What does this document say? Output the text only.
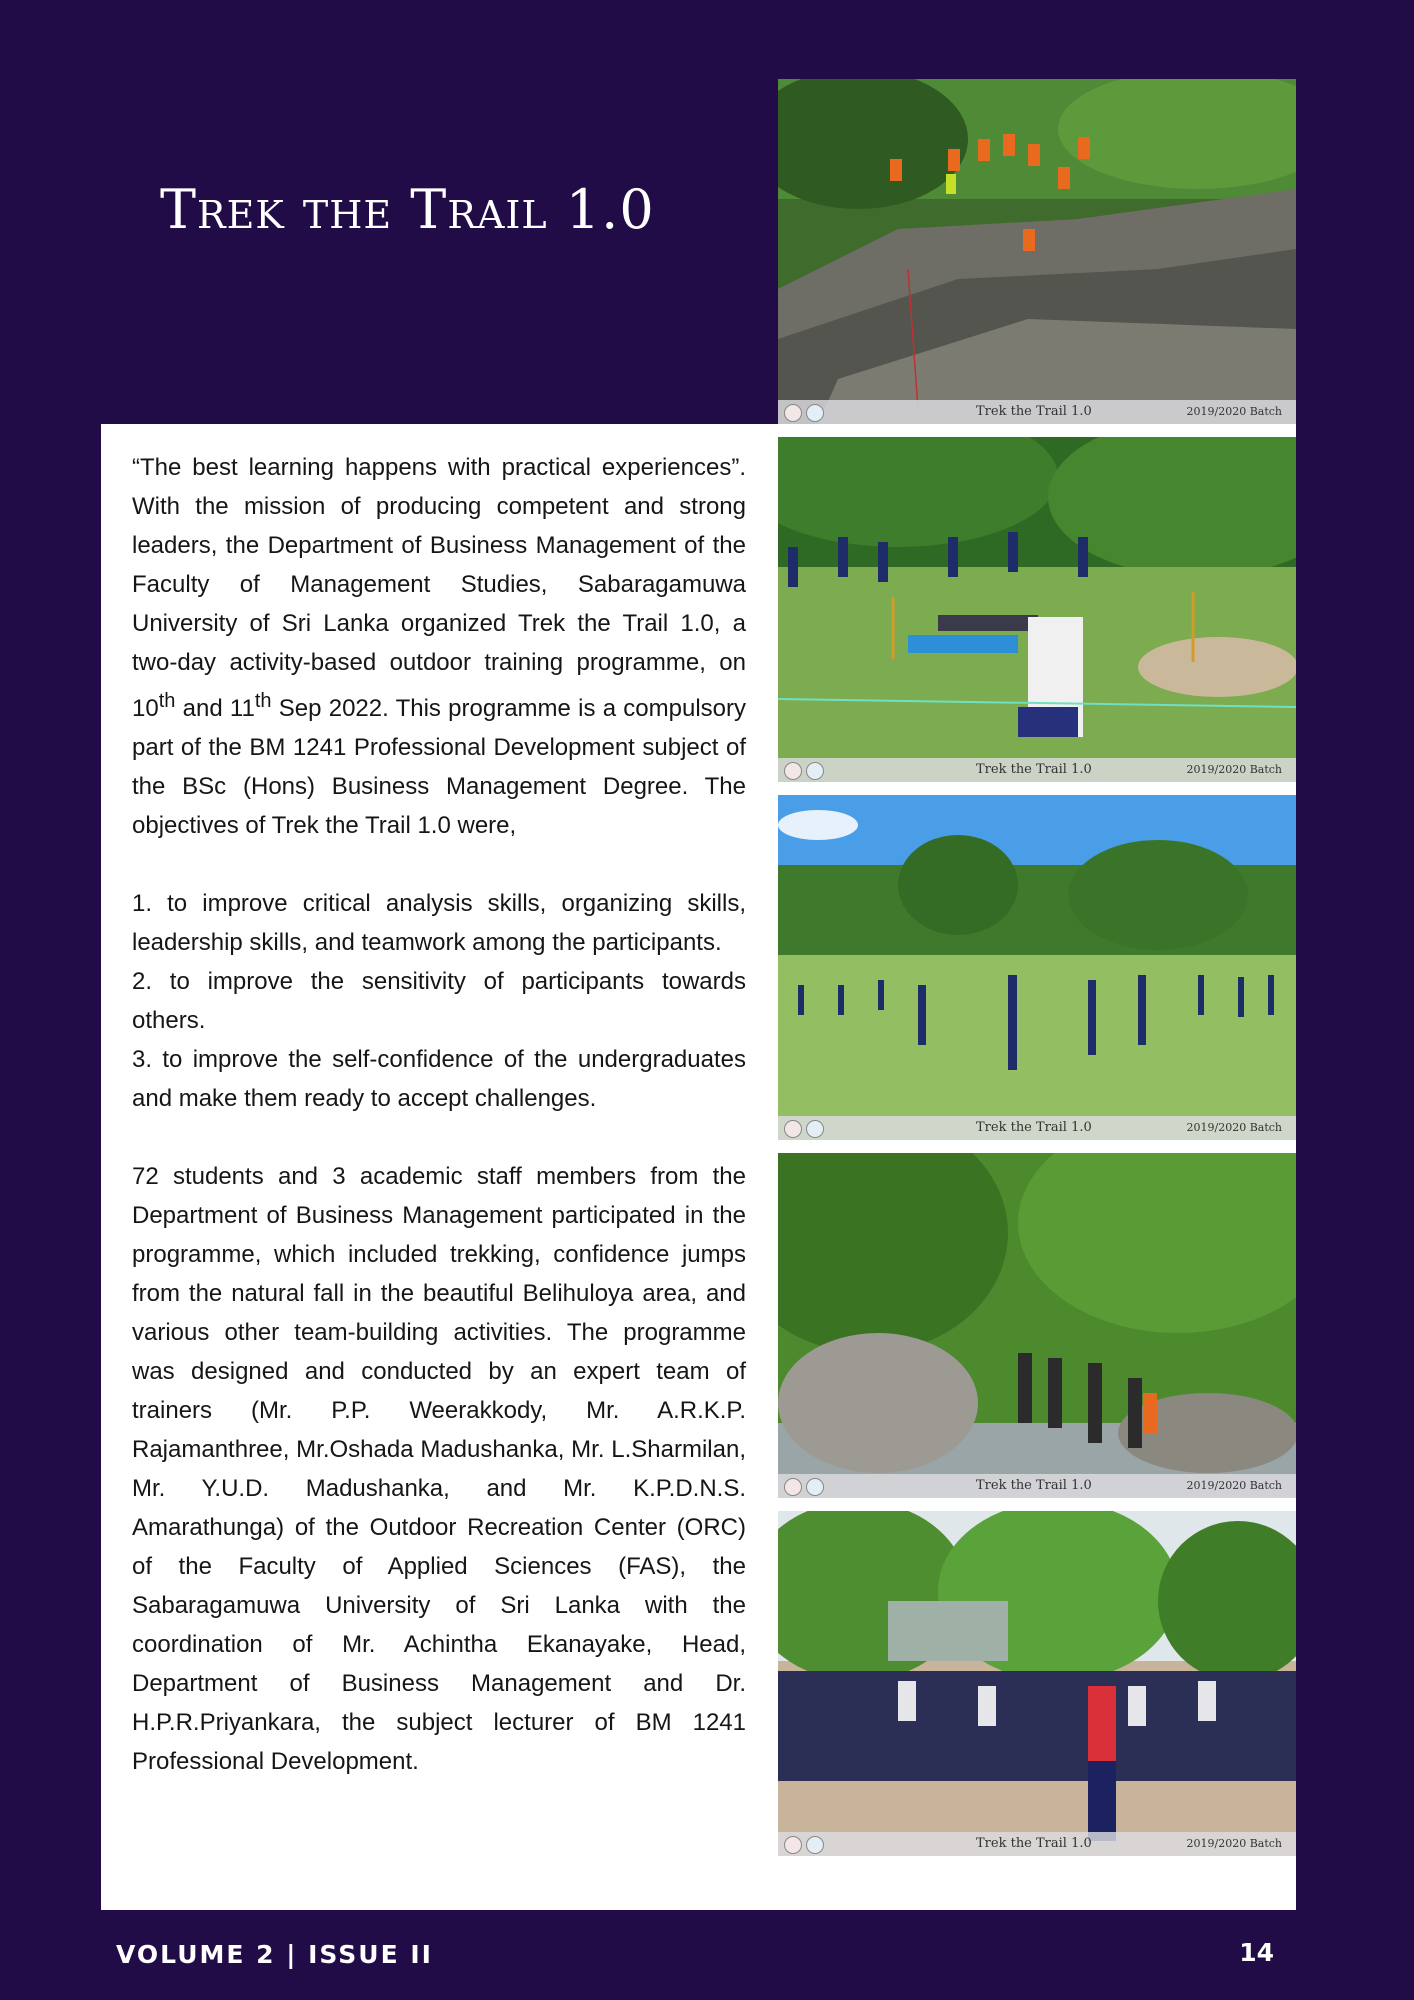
Trek the Trail 1.0

“The best learning happens with practical experiences”. With the mission of producing competent and strong leaders, the Department of Business Management of the Faculty of Management Studies, Sabaragamuwa University of Sri Lanka organized Trek the Trail 1.0, a two-day activity-based outdoor training programme, on 10th and 11th Sep 2022. This programme is a compulsory part of the BM 1241 Professional Development subject of the BSc (Hons) Business Management Degree. The objectives of Trek the Trail 1.0 were,

1. to improve critical analysis skills, organizing skills, leadership skills, and teamwork among the participants.

2. to improve the sensitivity of participants towards others.

3. to improve the self-confidence of the undergraduates and make them ready to accept challenges.

72 students and 3 academic staff members from the Department of Business Management participated in the programme, which included trekking, confidence jumps from the natural fall in the beautiful Belihuloya area, and various other team-building activities. The programme was designed and conducted by an expert team of trainers (Mr. P.P. Weerakkody, Mr. A.R.K.P. Rajamanthree, Mr.Oshada Madushanka, Mr. L.Sharmilan, Mr. Y.U.D. Madushanka, and Mr. K.P.D.N.S. Amarathunga) of the Outdoor Recreation Center (ORC) of the Faculty of Applied Sciences (FAS), the Sabaragamuwa University of Sri Lanka with the coordination of Mr. Achintha Ekanayake, Head, Department of Business Management and Dr. H.P.R.Priyankara, the subject lecturer of BM 1241 Professional Development.

Trek the Trail 1.0	2019/2020 Batch
Trek the Trail 1.0	2019/2020 Batch
Trek the Trail 1.0	2019/2020 Batch
Trek the Trail 1.0	2019/2020 Batch
Trek the Trail 1.0	2019/2020 Batch
VOLUME 2 | ISSUE II	14
